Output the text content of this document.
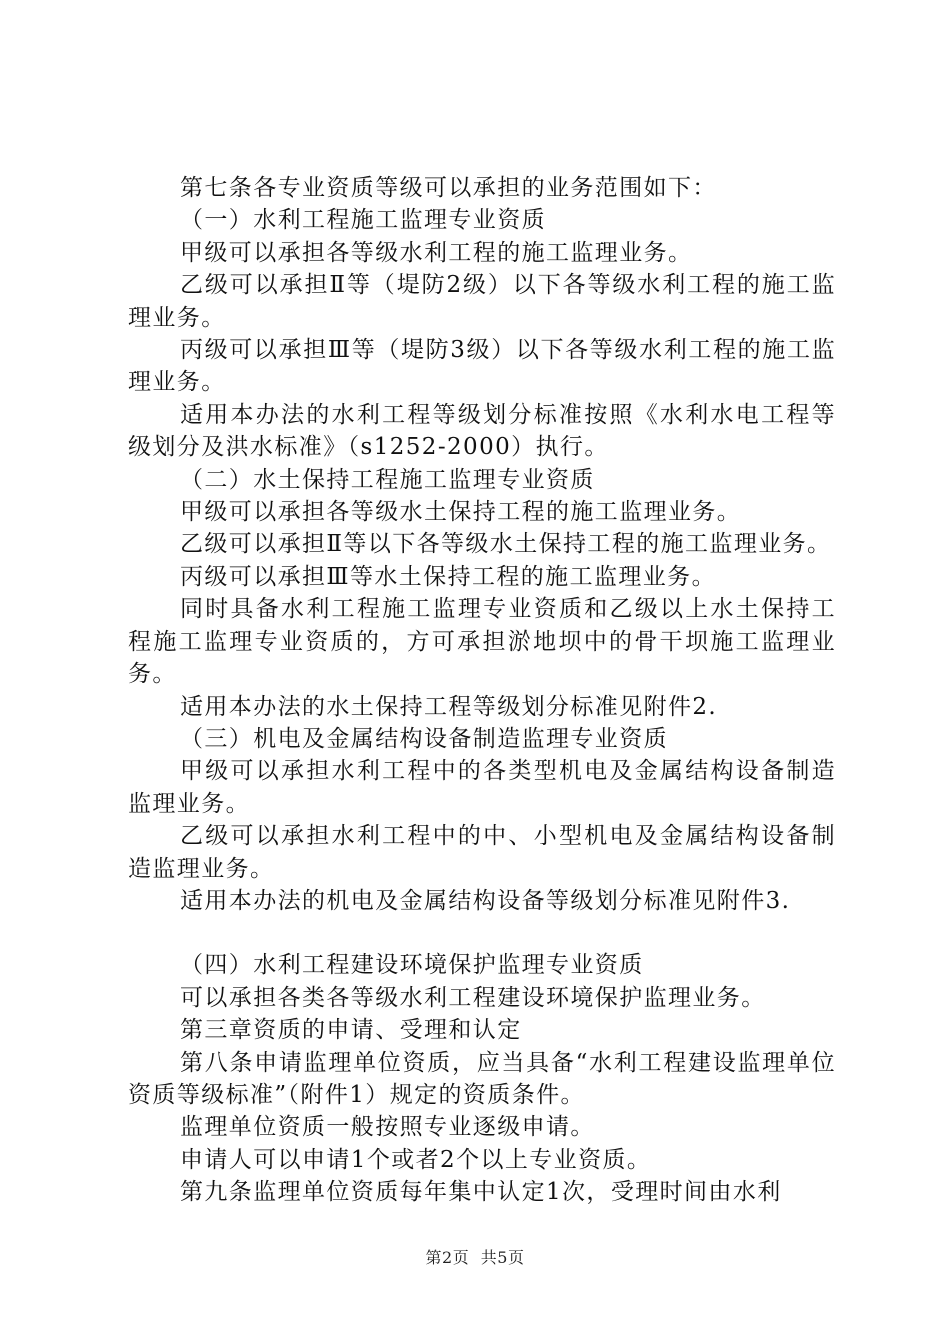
第七条各专业资质等级可以承担的业务范围如下：

（一）水利工程施工监理专业资质

甲级可以承担各等级水利工程的施工监理业务。

乙级可以承担Ⅱ等（堤防2级）以下各等级水利工程的施工监理业务。

丙级可以承担Ⅲ等（堤防3级）以下各等级水利工程的施工监理业务。

适用本办法的水利工程等级划分标准按照《水利水电工程等级划分及洪水标准》（s1252-2000）执行。

（二）水土保持工程施工监理专业资质

甲级可以承担各等级水土保持工程的施工监理业务。

乙级可以承担Ⅱ等以下各等级水土保持工程的施工监理业务。

丙级可以承担Ⅲ等水土保持工程的施工监理业务。

同时具备水利工程施工监理专业资质和乙级以上水土保持工程施工监理专业资质的，方可承担淤地坝中的骨干坝施工监理业务。

适用本办法的水土保持工程等级划分标准见附件2.

（三）机电及金属结构设备制造监理专业资质

甲级可以承担水利工程中的各类型机电及金属结构设备制造监理业务。

乙级可以承担水利工程中的中、小型机电及金属结构设备制造监理业务。

适用本办法的机电及金属结构设备等级划分标准见附件3.

（四）水利工程建设环境保护监理专业资质

可以承担各类各等级水利工程建设环境保护监理业务。

第三章资质的申请、受理和认定

第八条申请监理单位资质，应当具备“水利工程建设监理单位资质等级标准”（附件1）规定的资质条件。

监理单位资质一般按照专业逐级申请。

申请人可以申请1个或者2个以上专业资质。

第九条监理单位资质每年集中认定1次，受理时间由水利

第2页 共5页
